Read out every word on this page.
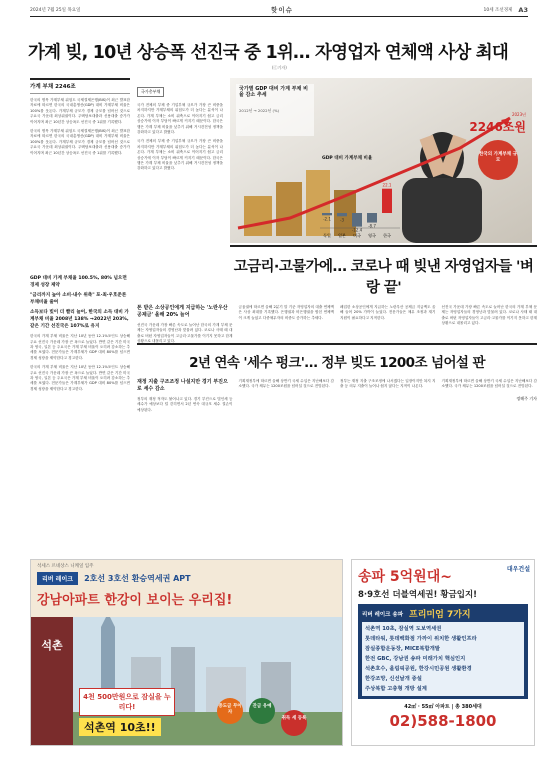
2024년 7월 25일 목요일	핫이슈	10세 조선경제 A3
가계 빚, 10년 상승폭 선진국 중 1위… 자영업자 연체액 사상 최대
(ⓒ기자)
가계 부채 2246조
한국의 명목 가계부채 위험도 국제결제은행(BIS)이 최근 발표한 자료에 따르면 한국의 국내총생산(GDP) 대비 가계부채 비율은 100%를 웃돈다. 가계부채 규모가 경제 규모를 넘어선 것으로 주요국 가운데 최상위권이다. 주택담보대출과 신용대출 증가가 이어지며 최근 10년간 상승폭도 선진국 중 1위를 기록했다.
한국의 명목 가계부채 위험도 국제결제은행(BIS)이 최근 발표한 자료에 따르면 한국의 국내총생산(GDP) 대비 가계부채 비율은 100%를 웃돈다. 가계부채 규모가 경제 규모를 넘어선 것으로 주요국 가운데 최상위권이다. 주택담보대출과 신용대출 증가가 이어지며 최근 10년간 상승폭도 선진국 중 1위를 기록했다.
GDP 대비 가계 부채율 100.5%, 80% 넘으면 경제 성장 제약
"금리까지 높아 소비·내수 위축" 포·최·우호준론 부채비율 줄여
소득보다 빚이 더 빨리 늘어, 한국의 소득 대비 가계부채 비율 2008년 138% →2022년 203%, 같은 기간 선진국은 107%로 유지
한국의 가계 부채 비율은 지난 10년 동안 12.1%포인트 상승해 주요 선진국 가운데 가장 큰 폭으로 늘었다. 반면 같은 기간 미국과 영국, 일본 등 주요국은 가계 부채 비율이 오히려 감소하는 추세를 보였다. 전문가들은 가계부채가 GDP 대비 80%를 넘으면 경제 성장을 제약한다고 경고한다.
한국의 가계 부채 비율은 지난 10년 동안 12.1%포인트 상승해 주요 선진국 가운데 가장 큰 폭으로 늘었다. 반면 같은 기간 미국과 영국, 일본 등 주요국은 가계 부채 비율이 오히려 감소하는 추세를 보였다. 전문가들은 가계부채가 GDP 대비 80%를 넘으면 경제 성장을 제약한다고 경고한다.
국가총부채
국가 전체의 부채 중 기업부채 규모가 가장 큰 비중을 차지하지만 가계부채의 위험도가 더 높다는 분석이 나온다. 가계 부채는 소비 위축으로 이어지기 쉽고 금리 상승기에 이자 부담이 빠르게 커지기 때문이다. 한국은행은 가계 부채 비율을 낮추기 위해 거시건전성 정책을 강화하고 있다고 밝혔다.
국가 전체의 부채 중 기업부채 규모가 가장 큰 비중을 차지하지만 가계부채의 위험도가 더 높다는 분석이 나온다. 가계 부채는 소비 위축으로 이어지기 쉽고 금리 상승기에 이자 부담이 빠르게 커지기 때문이다. 한국은행은 가계 부채 비율을 낮추기 위해 거시건전성 정책을 강화하고 있다고 밝혔다.
독일
-2.1
일본
-3
미국
-12.4
영국
-8.7
한국
22.1
국가별 GDP 대비 가계 부채 비율 감소 추세
2012년 → 2022년 (%)
GDP 대비 가계부채 비율
2023년
2246조원
한국의 가계부채 규모
고금리·고물가에… 코로나 때 빚낸 자영업자들 '벼랑 끝'
폰 받은 소상공인에게 지급하는 '노란우산 공제금' 올해 20% 늘어
선진국 가운데 가장 빠른 속도로 늘어난 한국의 가계 부채 문제는 자영업자들의 경영난과 맞물려 있다. 코로나 사태 때 대출로 버틴 자영업자들이 고금리·고물가를 이기지 못하고 한계 상황으로 내몰리고 있다.
금융권에 따르면 올해 2분기 말 기준 자영업자의 대출 연체액은 사상 최대를 기록했다. 은행권과 비은행권을 합친 연체액이 크게 늘었고 다중채무자의 비중도 증가하는 추세다.
폐업한 소상공인에게 지급하는 노란우산 공제금 지급액도 올해 들어 20% 가까이 늘었다. 전문가들은 채무 조정과 재기 지원이 필요하다고 지적한다.
선진국 가운데 가장 빠른 속도로 늘어난 한국의 가계 부채 문제는 자영업자들의 경영난과 맞물려 있다. 코로나 사태 때 대출로 버틴 자영업자들이 고금리·고물가를 이기지 못하고 한계 상황으로 내몰리고 있다.
2년 연속 '세수 펑크'… 정부 빚도 1200조 넘어설 판
재정 지출 구조조정 나설지만 경기 부진으로 세수 감소
정부의 재정 적자도 불어나고 있다. 경기 부진으로 법인세 등 세수가 예상보다 덜 걷히면서 2년 연속 대규모 세수 결손이 예상된다.
기획재정부에 따르면 올해 상반기 국세 수입은 지난해보다 감소했다. 국가 채무는 1200조원을 넘어설 것으로 전망된다.
정부는 재정 지출 구조조정에 나서겠다는 입장이지만 복지 지출 등 의무 지출이 늘어나 쉽지 않다는 지적이 나온다.
기획재정부에 따르면 올해 상반기 국세 수입은 지난해보다 감소했다. 국가 채무는 1200조원을 넘어설 것으로 전망된다.
정해주 기자
석세스 르네상스 니케일 입주
리버 레이크	2호선 3호선 환승역세권 APT
강남아파트 한강이 보이는 우리집!
석촌
4천 500만원으로 잠실을 누리다!
석촌역 10초!!
중도금 무이자
잔금 유예
취득 세 등록
대우건설
송파 5억원대~
8·9호선 더블역세권! 황금입지!
리버 레이크 송파 프리미엄 7가지
석촌역 10초, 잠실역 도보역세권
롯데타워, 롯데백화점 가까이 위치한 생활인프라
잠실종합운동장, MICE복합개발
한전 GBC, 강남권 송파 미래가치 핵심인지
석촌호수, 올림픽공원, 한강시민공원 생활환경
한강조망, 신선날개 증설
주상복합 고층형 개방 설계
42㎡ · 55㎡ 아파트 | 총 380세대
02)588-1800
